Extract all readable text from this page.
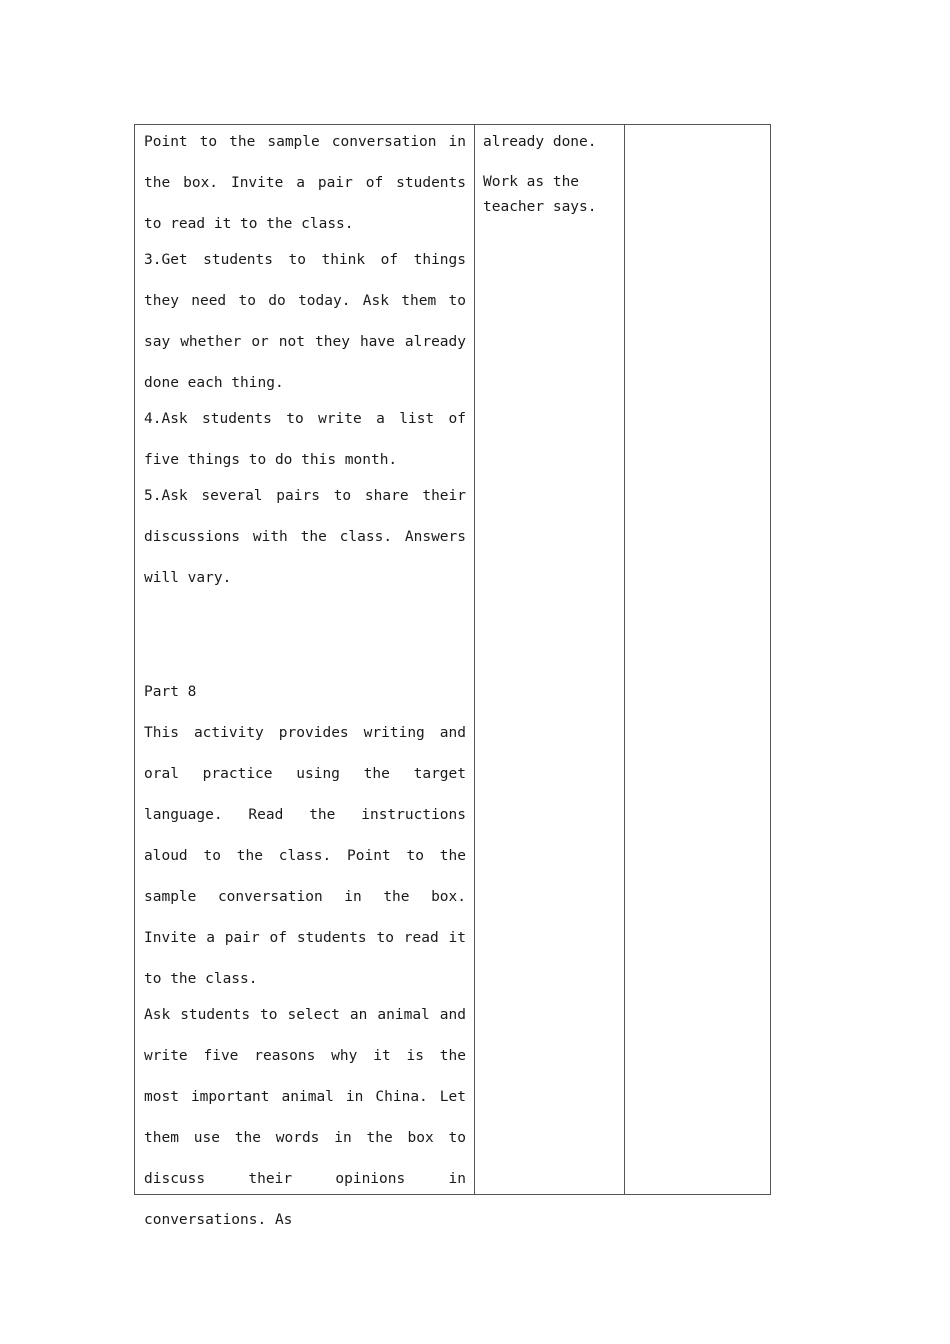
Point to the sample conversation in the box. Invite a pair of students to read it to the class.

3.Get students to think of things they need to do today. Ask them to say whether or not they have already done each thing.

4.Ask students to write a list of five things to do this month.

5.Ask several pairs to share their discussions with the class. Answers will vary.

Part 8

This activity provides writing and oral practice using the target language. Read the instructions aloud to the class. Point to the sample conversation in the box. Invite a pair of students to read it to the class.

Ask students to select an animal and write five reasons why it is the most important animal in China. Let them use the words in the box to discuss their opinions in conversations. As

already done.

Work as the teacher says.
